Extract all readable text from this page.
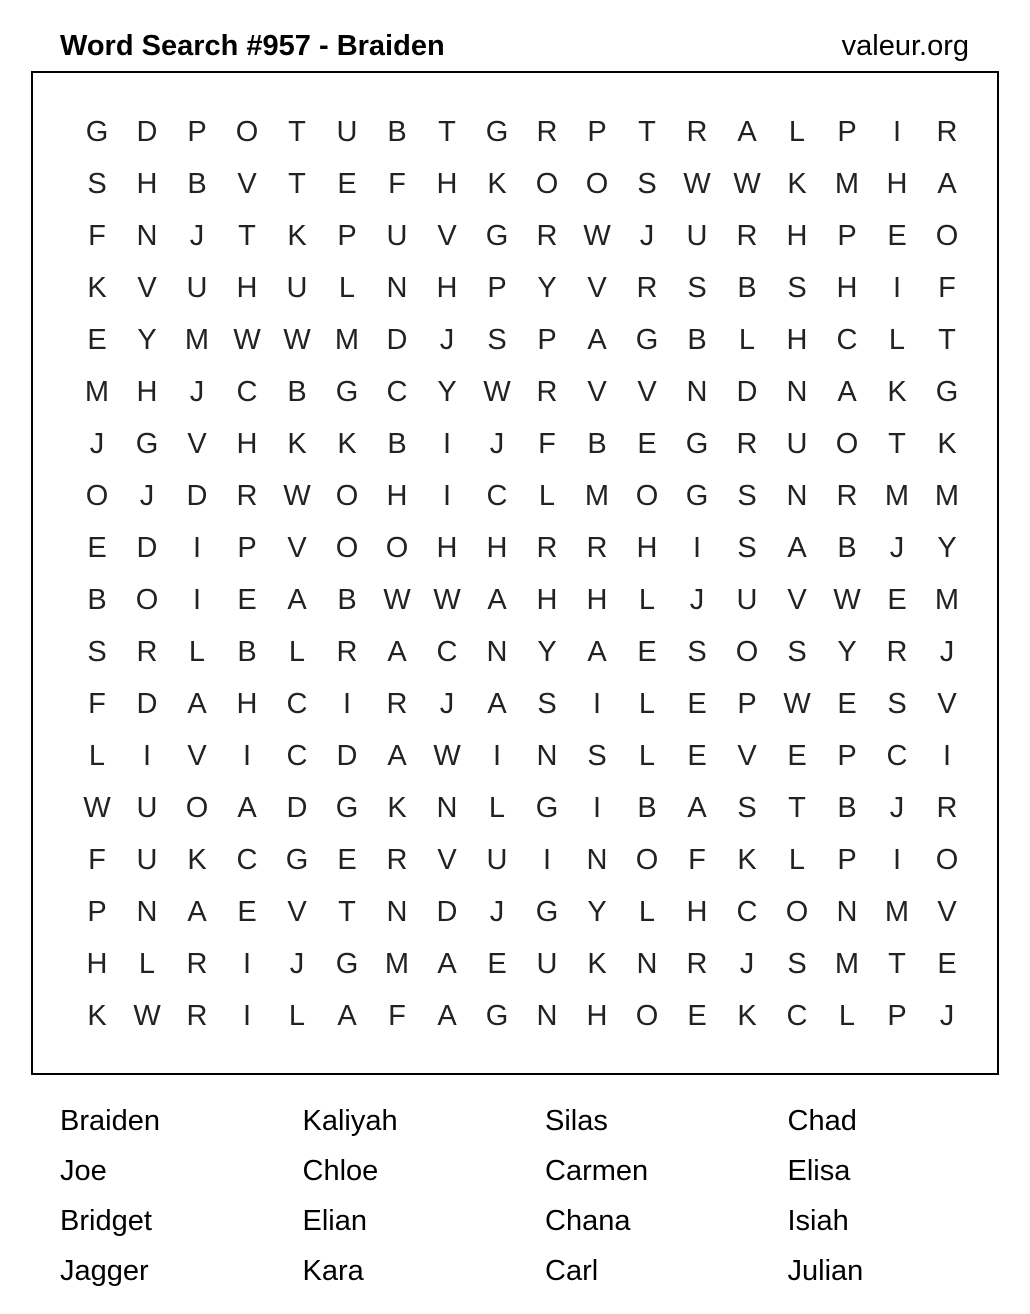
Word Search #957 - Braiden	valeur.org
G D	P	O	T	U	B	T	G R	P	T	R	A	L	P	I	R
S	H	B	V	T	E	F	H	K	O O	S W W K M H	A
F	N	J	T	K	P	U	V	G R W	J	U	R	H	P	E	O
K	V	U	H	U	L	N	H	P	Y	V	R	S	B	S	H	I	F
E	Y M W W M D	J	S	P	A	G	B	L	H	C	L	T
M H	J	C	B	G C	Y W R	V	V	N	D	N	A	K	G
J	G	V	H	K	K	B	I	J	F	B	E	G R	U O	T	K
O	J	D	R W O H	I	C	L	M O G	S	N	R M M
E	D	I	P	V	O O H	H	R	R	H	I	S	A	B	J	Y
B	O	I	E	A	B W W A	H	H	L	J	U	V W E M
S	R	L	B	L	R	A	C	N	Y	A	E	S	O	S	Y	R	J
F	D	A	H	C	I	R	J	A	S	I	L	E	P W E	S	V
L	I	V	I	C	D	A W	I	N	S	L	E	V	E	P	C	I
W U O	A	D G	K	N	L	G	I	B	A	S	T	B	J	R
F	U	K	C G	E	R	V	U	I	N O	F	K	L	P	I	O
P	N	A	E	V	T	N	D	J	G	Y	L	H	C O N M V
H	L	R	I	J	G M A	E	U	K	N	R	J	S M	T	E
K W R	I	L	A	F	A	G N	H O	E	K	C	L	P	J
Braiden	Kaliyah	Silas	Chad
Joe	Chloe	Carmen	Elisa
Bridget	Elian	Chana	Isiah
Jagger	Kara	Carl	Julian
